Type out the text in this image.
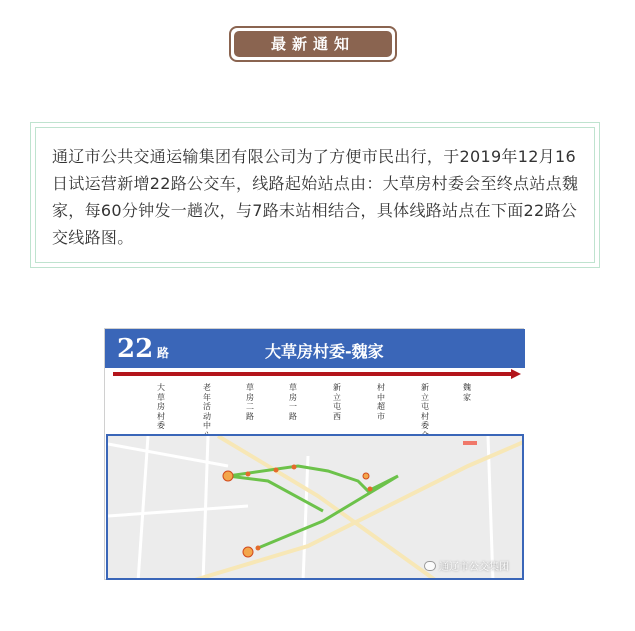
最新通知
通辽市公共交通运输集团有限公司为了方便市民出行，于2019年12月16日试运营新增22路公交车，线路起始站点由：大草房村委会至终点站点魏家，每60分钟发一趟次，与7路末站相结合，具体线路站点在下面22路公交线路图。
22 路	大草房村委-魏家
大草房村委
老年活动中
草房二路
草房一路
新立屯西
村中超市
新立屯村委
魏家
通辽市公交集团
